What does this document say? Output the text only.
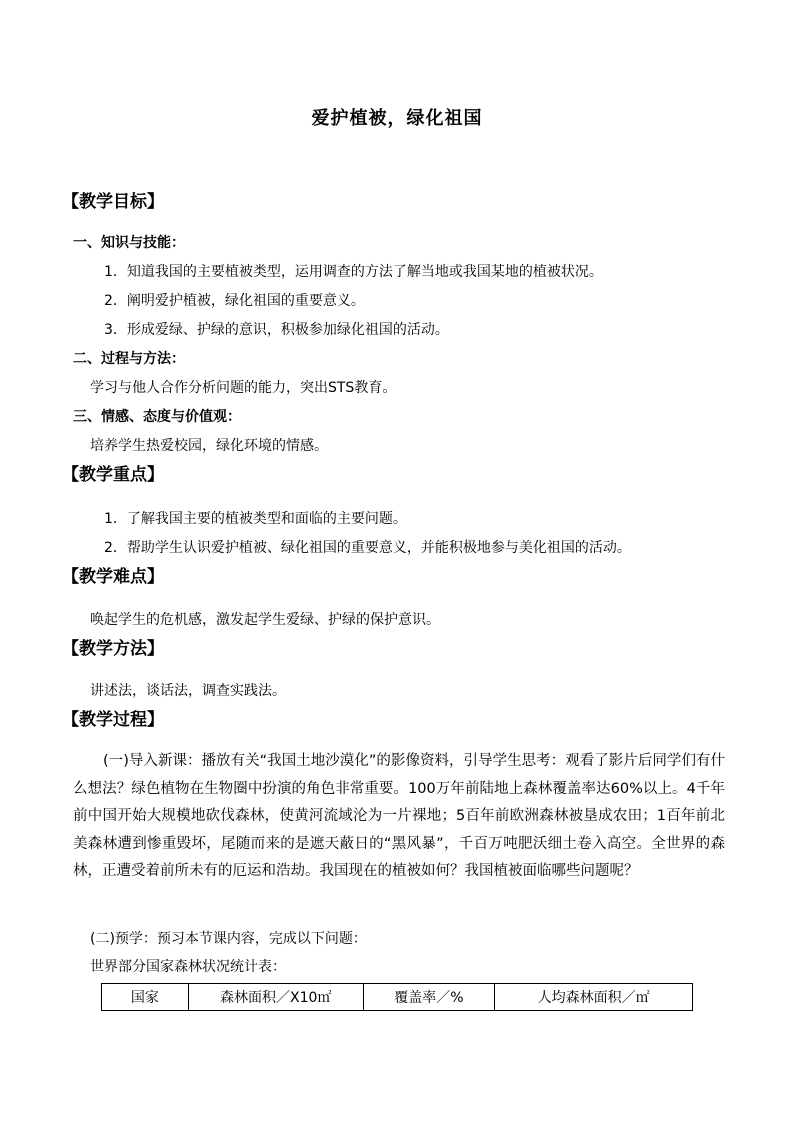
爱护植被，绿化祖国
【教学目标】
一、知识与技能：
1．知道我国的主要植被类型，运用调查的方法了解当地或我国某地的植被状况。
2．阐明爱护植被，绿化祖国的重要意义。
3．形成爱绿、护绿的意识，积极参加绿化祖国的活动。
二、过程与方法：
学习与他人合作分析问题的能力，突出STS教育。
三、情感、态度与价值观：
培养学生热爱校园，绿化环境的情感。
【教学重点】
1．了解我国主要的植被类型和面临的主要问题。
2．帮助学生认识爱护植被、绿化祖国的重要意义，并能积极地参与美化祖国的活动。
【教学难点】
唤起学生的危机感，激发起学生爱绿、护绿的保护意识。
【教学方法】
讲述法，谈话法，调查实践法。
【教学过程】
(一)导入新课：播放有关“我国土地沙漠化”的影像资料，引导学生思考：观看了影片后同学们有什么想法？绿色植物在生物圈中扮演的角色非常重要。100万年前陆地上森林覆盖率达60%以上。4千年前中国开始大规模地砍伐森林，使黄河流域沦为一片裸地；5百年前欧洲森林被垦成农田；1百年前北美森林遭到惨重毁坏，尾随而来的是遮天蔽日的“黑风暴”，千百万吨肥沃细土卷入高空。全世界的森林，正遭受着前所未有的厄运和浩劫。我国现在的植被如何？我国植被面临哪些问题呢？
(二)预学：预习本节课内容，完成以下问题：
世界部分国家森林状况统计表：
国家	森林面积／X10㎡	覆盖率／%	人均森林面积／㎡
